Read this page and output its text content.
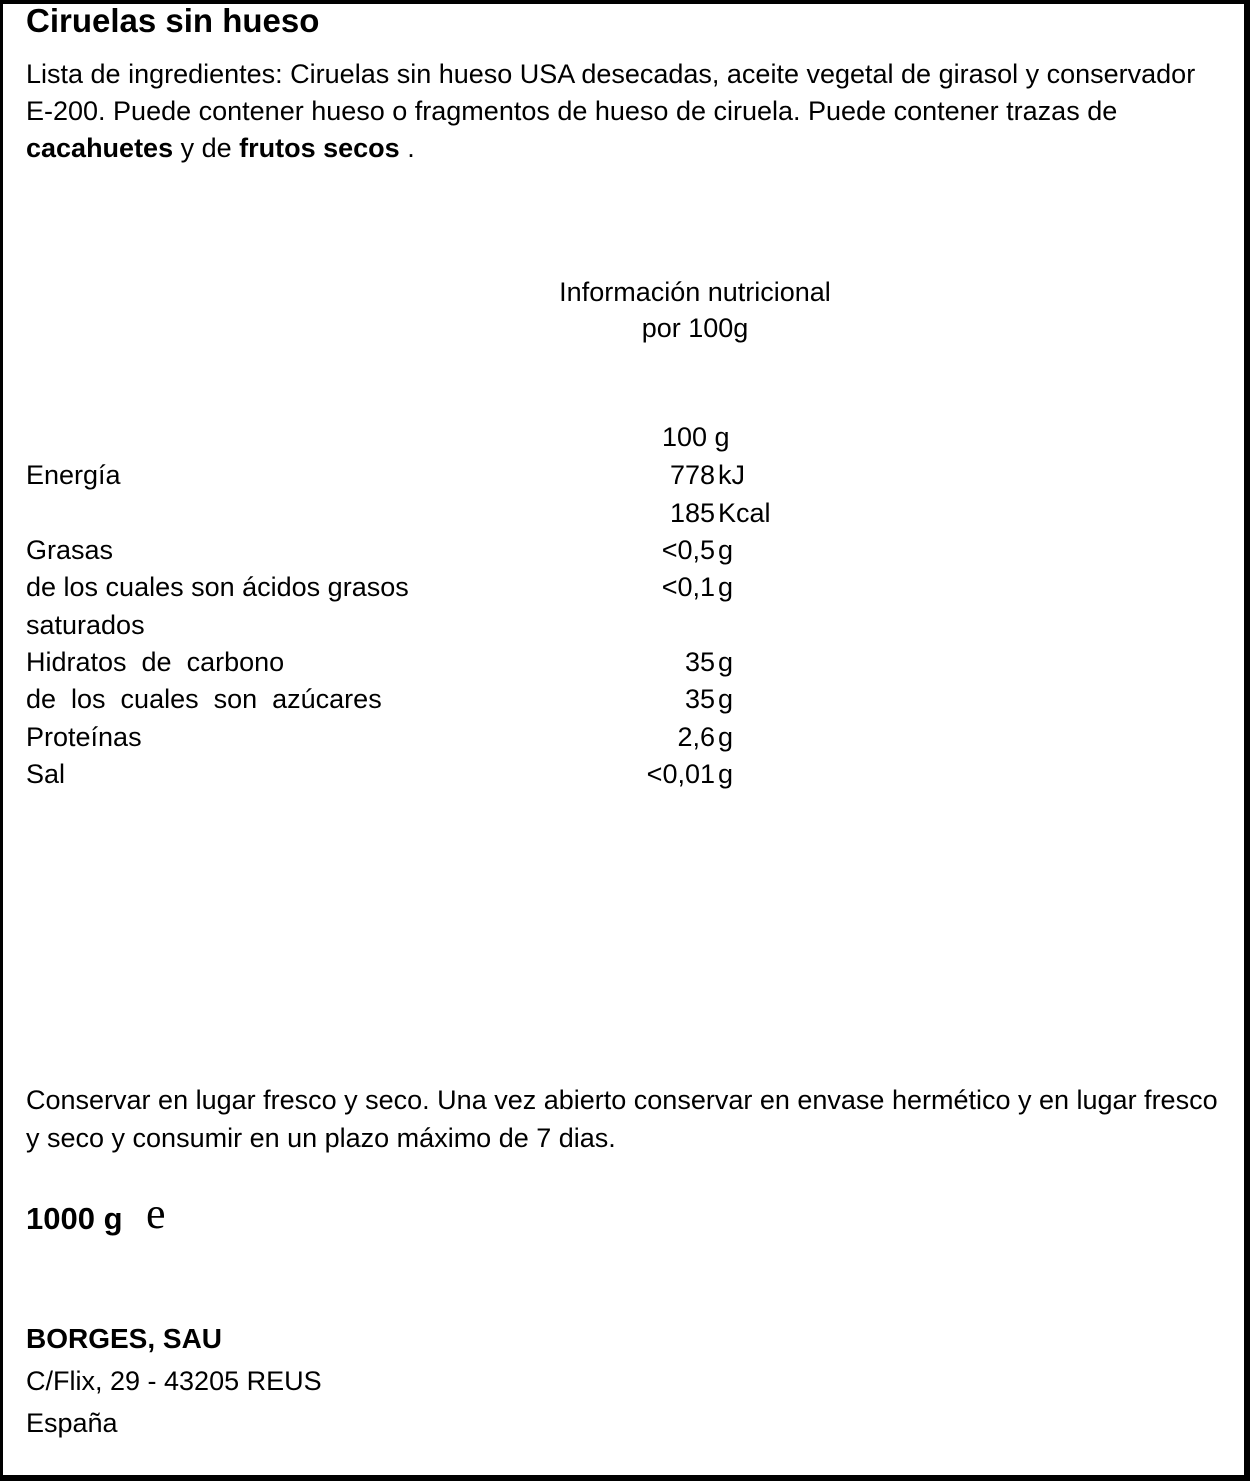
Ciruelas sin hueso
Lista de ingredientes: Ciruelas sin hueso USA desecadas, aceite vegetal de girasol y conservador E-200. Puede contener hueso o fragmentos de hueso de ciruela. Puede contener trazas de cacahuetes y de frutos secos .
Información nutricional
por 100g
100 g
Energía	778 kJ
185 Kcal
Grasas	<0,5 g
de los cuales son ácidos grasos	<0,1 g
saturados
Hidratos  de  carbono	35 g
de  los  cuales  son  azúcares	35 g
Proteínas	2,6 g
Sal	<0,01 g
Conservar en lugar fresco y seco. Una vez abierto conservar en envase hermético y en lugar fresco y seco y consumir en un plazo máximo de 7 dias.
1000 g e
BORGES, SAU
C/Flix, 29 - 43205 REUS
España
